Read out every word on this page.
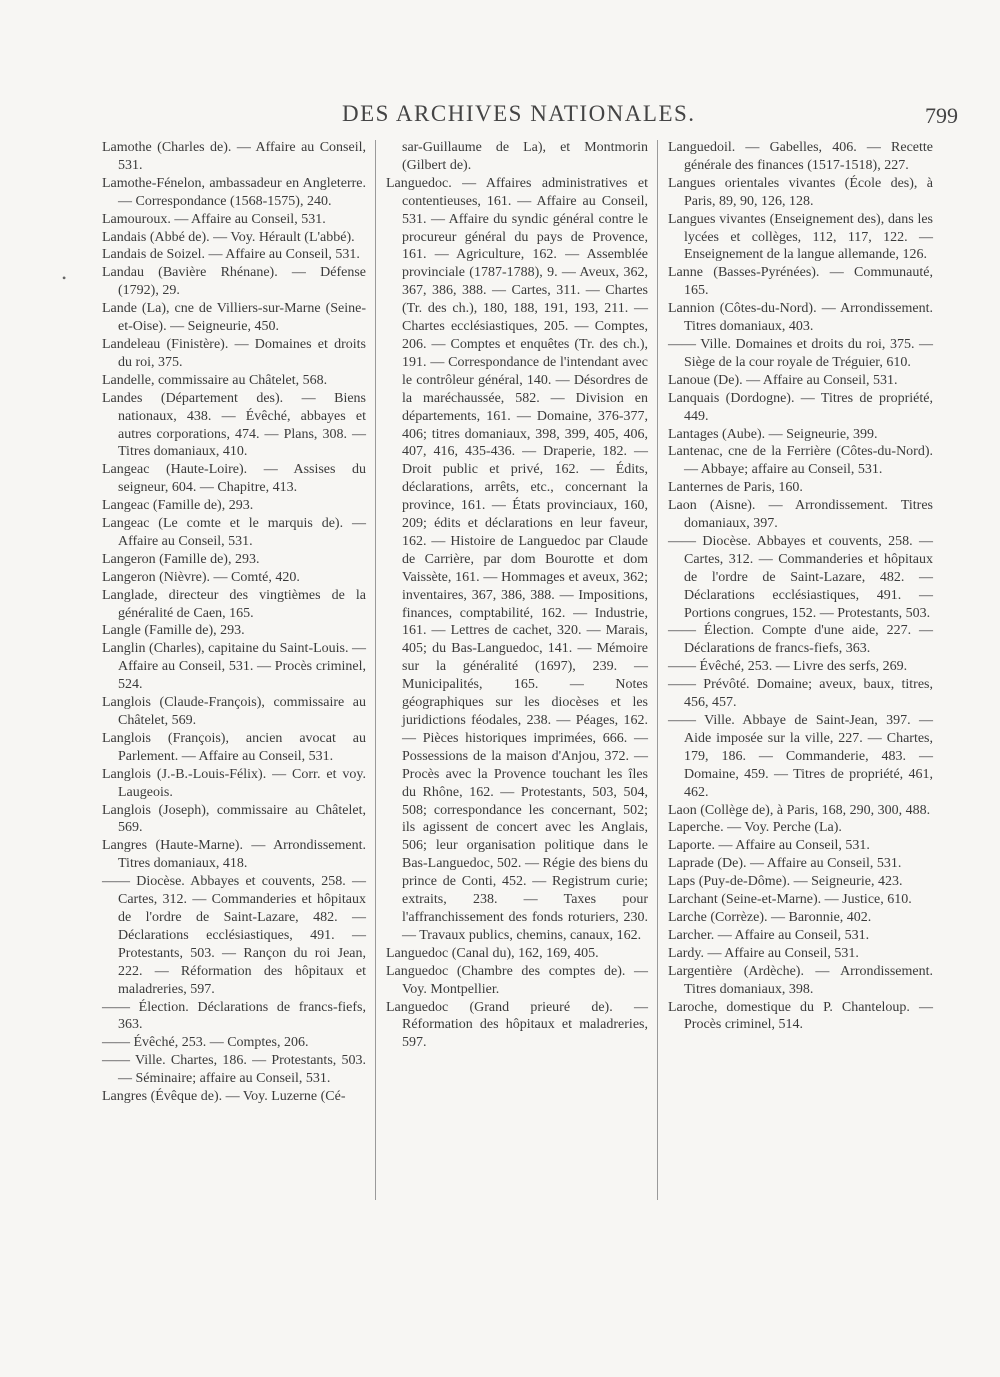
DES ARCHIVES NATIONALES.	799
•

Lamothe (Charles de). — Affaire au Conseil, 531.

Lamothe-Fénelon, ambassadeur en Angleterre. — Correspondance (1568-1575), 240.

Lamouroux. — Affaire au Conseil, 531.

Landais (Abbé de). — Voy. Hérault (L'abbé).

Landais de Soizel. — Affaire au Conseil, 531.

Landau (Bavière Rhénane). — Défense (1792), 29.

Lande (La), cne de Villiers-sur-Marne (Seine-et-Oise). — Seigneurie, 450.

Landeleau (Finistère). — Domaines et droits du roi, 375.

Landelle, commissaire au Châtelet, 568.

Landes (Département des). — Biens nationaux, 438. — Évêché, abbayes et autres corporations, 474. — Plans, 308. — Titres domaniaux, 410.

Langeac (Haute-Loire). — Assises du seigneur, 604. — Chapitre, 413.

Langeac (Famille de), 293.

Langeac (Le comte et le marquis de). — Affaire au Conseil, 531.

Langeron (Famille de), 293.

Langeron (Nièvre). — Comté, 420.

Langlade, directeur des vingtièmes de la généralité de Caen, 165.

Langle (Famille de), 293.

Langlin (Charles), capitaine du Saint-Louis. — Affaire au Conseil, 531. — Procès criminel, 524.

Langlois (Claude-François), commissaire au Châtelet, 569.

Langlois (François), ancien avocat au Parlement. — Affaire au Conseil, 531.

Langlois (J.-B.-Louis-Félix). — Corr. et voy. Laugeois.

Langlois (Joseph), commissaire au Châtelet, 569.

Langres (Haute-Marne). — Arrondissement. Titres domaniaux, 418.

—— Diocèse. Abbayes et couvents, 258. — Cartes, 312. — Commanderies et hôpitaux de l'ordre de Saint-Lazare, 482. — Déclarations ecclésiastiques, 491. — Protestants, 503. — Rançon du roi Jean, 222. — Réformation des hôpitaux et maladreries, 597.

—— Élection. Déclarations de francs-fiefs, 363.

—— Évêché, 253. — Comptes, 206.

—— Ville. Chartes, 186. — Protestants, 503. — Séminaire; affaire au Conseil, 531.

Langres (Évêque de). — Voy. Luzerne (Cé-

sar-Guillaume de La), et Montmorin (Gilbert de).

Languedoc. — Affaires administratives et contentieuses, 161. — Affaire au Conseil, 531. — Affaire du syndic général contre le procureur général du pays de Provence, 161. — Agriculture, 162. — Assemblée provinciale (1787-1788), 9. — Aveux, 362, 367, 386, 388. — Cartes, 311. — Chartes (Tr. des ch.), 180, 188, 191, 193, 211. — Chartes ecclésiastiques, 205. — Comptes, 206. — Comptes et enquêtes (Tr. des ch.), 191. — Correspondance de l'intendant avec le contrôleur général, 140. — Désordres de la maréchaussée, 582. — Division en départements, 161. — Domaine, 376-377, 406; titres domaniaux, 398, 399, 405, 406, 407, 416, 435-436. — Draperie, 182. — Droit public et privé, 162. — Édits, déclarations, arrêts, etc., concernant la province, 161. — États provinciaux, 160, 209; édits et déclarations en leur faveur, 162. — Histoire de Languedoc par Claude de Carrière, par dom Bourotte et dom Vaissète, 161. — Hommages et aveux, 362; inventaires, 367, 386, 388. — Impositions, finances, comptabilité, 162. — Industrie, 161. — Lettres de cachet, 320. — Marais, 405; du Bas-Languedoc, 141. — Mémoire sur la généralité (1697), 239. — Municipalités, 165. — Notes géographiques sur les diocèses et les juridictions féodales, 238. — Péages, 162. — Pièces historiques imprimées, 666. — Possessions de la maison d'Anjou, 372. — Procès avec la Provence touchant les îles du Rhône, 162. — Protestants, 503, 504, 508; correspondance les concernant, 502; ils agissent de concert avec les Anglais, 506; leur organisation politique dans le Bas-Languedoc, 502. — Régie des biens du prince de Conti, 452. — Registrum curie; extraits, 238. — Taxes pour l'affranchissement des fonds roturiers, 230. — Travaux publics, chemins, canaux, 162.

Languedoc (Canal du), 162, 169, 405.

Languedoc (Chambre des comptes de). — Voy. Montpellier.

Languedoc (Grand prieuré de). — Réformation des hôpitaux et maladreries, 597.

Languedoil. — Gabelles, 406. — Recette générale des finances (1517-1518), 227.

Langues orientales vivantes (École des), à Paris, 89, 90, 126, 128.

Langues vivantes (Enseignement des), dans les lycées et collèges, 112, 117, 122. — Enseignement de la langue allemande, 126.

Lanne (Basses-Pyrénées). — Communauté, 165.

Lannion (Côtes-du-Nord). — Arrondissement. Titres domaniaux, 403.

—— Ville. Domaines et droits du roi, 375. — Siège de la cour royale de Tréguier, 610.

Lanoue (De). — Affaire au Conseil, 531.

Lanquais (Dordogne). — Titres de propriété, 449.

Lantages (Aube). — Seigneurie, 399.

Lantenac, cne de la Ferrière (Côtes-du-Nord). — Abbaye; affaire au Conseil, 531.

Lanternes de Paris, 160.

Laon (Aisne). — Arrondissement. Titres domaniaux, 397.

—— Diocèse. Abbayes et couvents, 258. — Cartes, 312. — Commanderies et hôpitaux de l'ordre de Saint-Lazare, 482. — Déclarations ecclésiastiques, 491. — Portions congrues, 152. — Protestants, 503.

—— Élection. Compte d'une aide, 227. — Déclarations de francs-fiefs, 363.

—— Évêché, 253. — Livre des serfs, 269.

—— Prévôté. Domaine; aveux, baux, titres, 456, 457.

—— Ville. Abbaye de Saint-Jean, 397. — Aide imposée sur la ville, 227. — Chartes, 179, 186. — Commanderie, 483. — Domaine, 459. — Titres de propriété, 461, 462.

Laon (Collège de), à Paris, 168, 290, 300, 488.

Laperche. — Voy. Perche (La).

Laporte. — Affaire au Conseil, 531.

Laprade (De). — Affaire au Conseil, 531.

Laps (Puy-de-Dôme). — Seigneurie, 423.

Larchant (Seine-et-Marne). — Justice, 610.

Larche (Corrèze). — Baronnie, 402.

Larcher. — Affaire au Conseil, 531.

Lardy. — Affaire au Conseil, 531.

Largentière (Ardèche). — Arrondissement. Titres domaniaux, 398.

Laroche, domestique du P. Chanteloup. — Procès criminel, 514.
